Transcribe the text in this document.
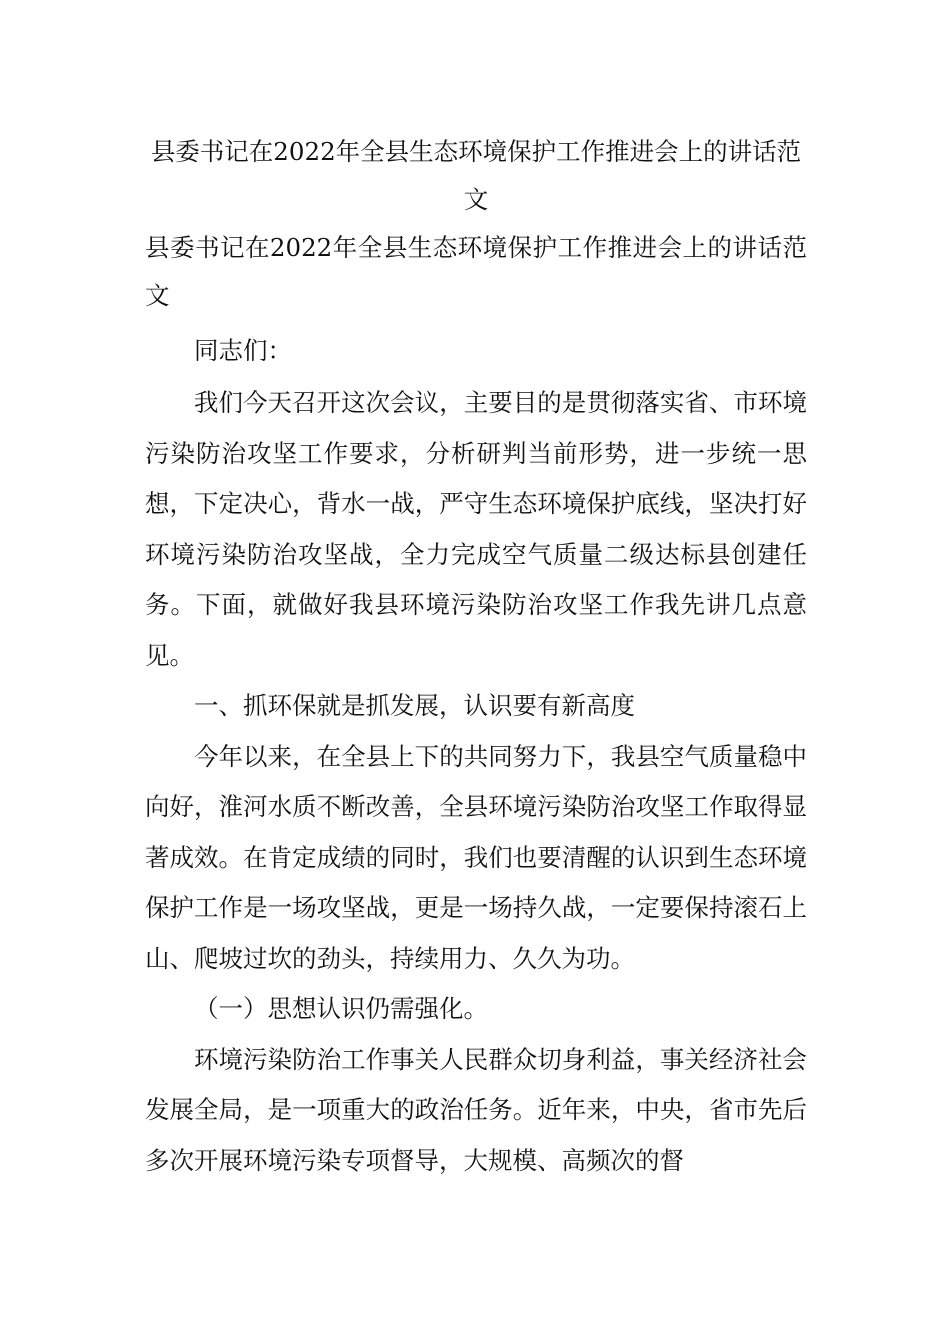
县委书记在2022年全县生态环境保护工作推进会上的讲话范文

县委书记在2022年全县生态环境保护工作推进会上的讲话范文

同志们：

我们今天召开这次会议，主要目的是贯彻落实省、市环境污染防治攻坚工作要求，分析研判当前形势，进一步统一思想，下定决心，背水一战，严守生态环境保护底线，坚决打好环境污染防治攻坚战，全力完成空气质量二级达标县创建任务。下面，就做好我县环境污染防治攻坚工作我先讲几点意见。

一、抓环保就是抓发展，认识要有新高度

今年以来，在全县上下的共同努力下，我县空气质量稳中向好，淮河水质不断改善，全县环境污染防治攻坚工作取得显著成效。在肯定成绩的同时，我们也要清醒的认识到生态环境保护工作是一场攻坚战，更是一场持久战，一定要保持滚石上山、爬坡过坎的劲头，持续用力、久久为功。

（一）思想认识仍需强化。

环境污染防治工作事关人民群众切身利益，事关经济社会发展全局，是一项重大的政治任务。近年来，中央，省市先后多次开展环境污染专项督导，大规模、高频次的督
